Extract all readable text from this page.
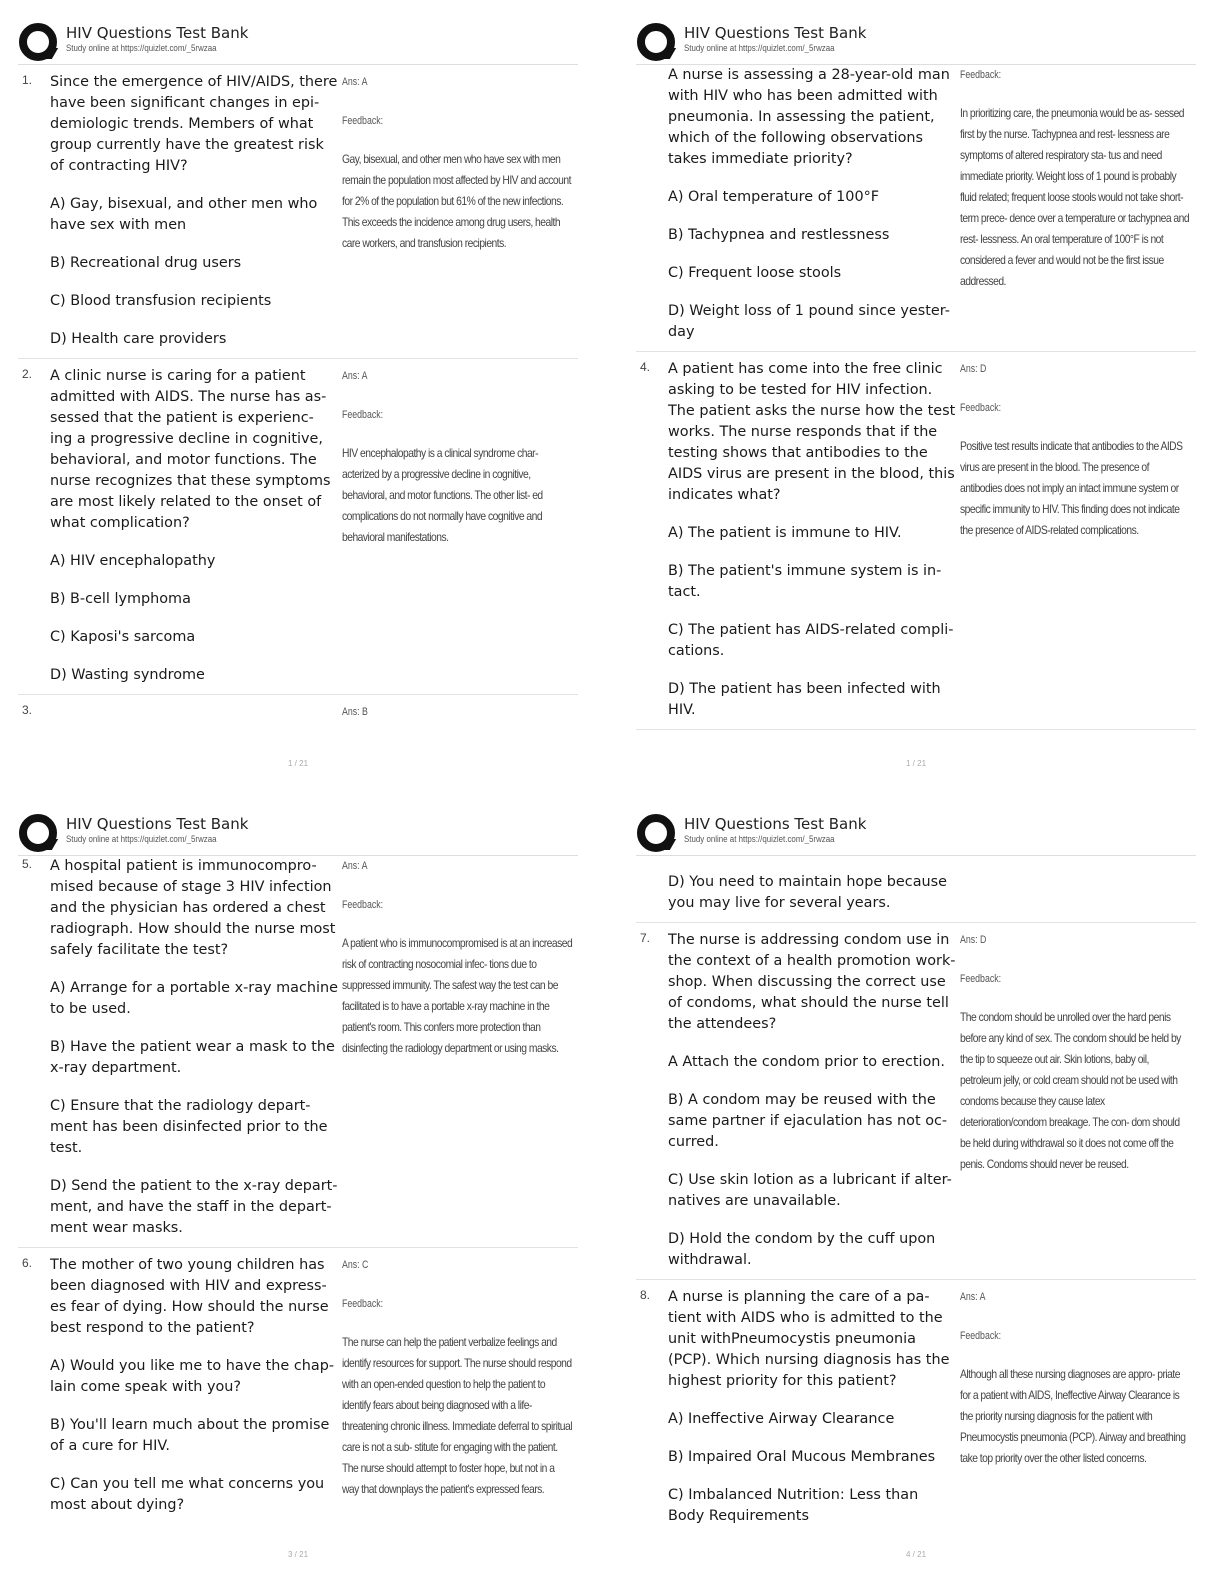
HIV Questions Test Bank
Study online at https://quizlet.com/_5rwzaa
1.	Since the emergence of HIV/AIDS, there have been significant changes in epi- demiologic trends. Members of what group currently have the greatest risk of contracting HIV?

A) Gay, bisexual, and other men who have sex with men

B) Recreational drug users

C) Blood transfusion recipients

D) Health care providers

Ans: A

Feedback:

Gay, bisexual, and other men who have sex with men remain the population most affected by HIV and account for 2% of the population but 61% of the new infections. This exceeds the incidence among drug users, health care workers, and transfusion recipients.

2.	A clinic nurse is caring for a patient admitted with AIDS. The nurse has as- sessed that the patient is experienc- ing a progressive decline in cognitive, behavioral, and motor functions. The nurse recognizes that these symptoms are most likely related to the onset of what complication?

A) HIV encephalopathy

B) B-cell lymphoma

C) Kaposi's sarcoma

D) Wasting syndrome

Ans: A

Feedback:

HIV encephalopathy is a clinical syndrome char- acterized by a progressive decline in cognitive, behavioral, and motor functions. The other list- ed complications do not normally have cognitive and behavioral manifestations.

3.	Ans: B

1 / 21
HIV Questions Test Bank
Study online at https://quizlet.com/_5rwzaa

A nurse is assessing a 28-year-old man with HIV who has been admitted with pneumonia. In assessing the patient, which of the following observations takes immediate priority?

A) Oral temperature of 100°F

B) Tachypnea and restlessness

C) Frequent loose stools

D) Weight loss of 1 pound since yester- day

Feedback:

In prioritizing care, the pneumonia would be as- sessed first by the nurse. Tachypnea and rest- lessness are symptoms of altered respiratory sta- tus and need immediate priority. Weight loss of 1 pound is probably fluid related; frequent loose stools would not take short-term prece- dence over a temperature or tachypnea and rest- lessness. An oral temperature of 100°F is not considered a fever and would not be the first issue addressed.

4.	A patient has come into the free clinic asking to be tested for HIV infection. The patient asks the nurse how the test works. The nurse responds that if the testing shows that antibodies to the AIDS virus are present in the blood, this indicates what?

A) The patient is immune to HIV.

B) The patient's immune system is in- tact.

C) The patient has AIDS-related compli- cations.

D) The patient has been infected with HIV.

Ans: D

Feedback:

Positive test results indicate that antibodies to the AIDS virus are present in the blood. The presence of antibodies does not imply an intact immune system or specific immunity to HIV. This finding does not indicate the presence of AIDS-related complications.

1 / 21
HIV Questions Test Bank
Study online at https://quizlet.com/_5rwzaa
5.	A hospital patient is immunocompro- mised because of stage 3 HIV infection and the physician has ordered a chest radiograph. How should the nurse most safely facilitate the test?

A) Arrange for a portable x-ray machine to be used.

B) Have the patient wear a mask to the x-ray department.

C) Ensure that the radiology depart- ment has been disinfected prior to the test.

D) Send the patient to the x-ray depart- ment, and have the staff in the depart- ment wear masks.

Ans: A

Feedback:

A patient who is immunocompromised is at an increased risk of contracting nosocomial infec- tions due to suppressed immunity. The safest way the test can be facilitated is to have a portable x-ray machine in the patient's room. This confers more protection than disinfecting the radiology department or using masks.

6.	The mother of two young children has been diagnosed with HIV and express- es fear of dying. How should the nurse best respond to the patient?

A) Would you like me to have the chap- lain come speak with you?

B) You'll learn much about the promise of a cure for HIV.

C) Can you tell me what concerns you most about dying?

Ans: C

Feedback:

The nurse can help the patient verbalize feelings and identify resources for support. The nurse should respond with an open-ended question to help the patient to identify fears about being diagnosed with a life-threatening chronic illness. Immediate deferral to spiritual care is not a sub- stitute for engaging with the patient. The nurse should attempt to foster hope, but not in a way that downplays the patient's expressed fears.

3 / 21
HIV Questions Test Bank
Study online at https://quizlet.com/_5rwzaa

D) You need to maintain hope because you may live for several years.

7.	The nurse is addressing condom use in the context of a health promotion work- shop. When discussing the correct use of condoms, what should the nurse tell the attendees?

A Attach the condom prior to erection.

B) A condom may be reused with the same partner if ejaculation has not oc- curred.

C) Use skin lotion as a lubricant if alter- natives are unavailable.

D) Hold the condom by the cuff upon withdrawal.

Ans: D

Feedback:

The condom should be unrolled over the hard penis before any kind of sex. The condom should be held by the tip to squeeze out air. Skin lotions, baby oil, petroleum jelly, or cold cream should not be used with condoms because they cause latex deterioration/condom breakage. The con- dom should be held during withdrawal so it does not come off the penis. Condoms should never be reused.

8.	A nurse is planning the care of a pa- tient with AIDS who is admitted to the unit withPneumocystis pneumonia (PCP). Which nursing diagnosis has the highest priority for this patient?

A) Ineffective Airway Clearance

B) Impaired Oral Mucous Membranes

C) Imbalanced Nutrition: Less than Body Requirements

Ans: A

Feedback:

Although all these nursing diagnoses are appro- priate for a patient with AIDS, Ineffective Airway Clearance is the priority nursing diagnosis for the patient with Pneumocystis pneumonia (PCP). Airway and breathing take top priority over the other listed concerns.

4 / 21
